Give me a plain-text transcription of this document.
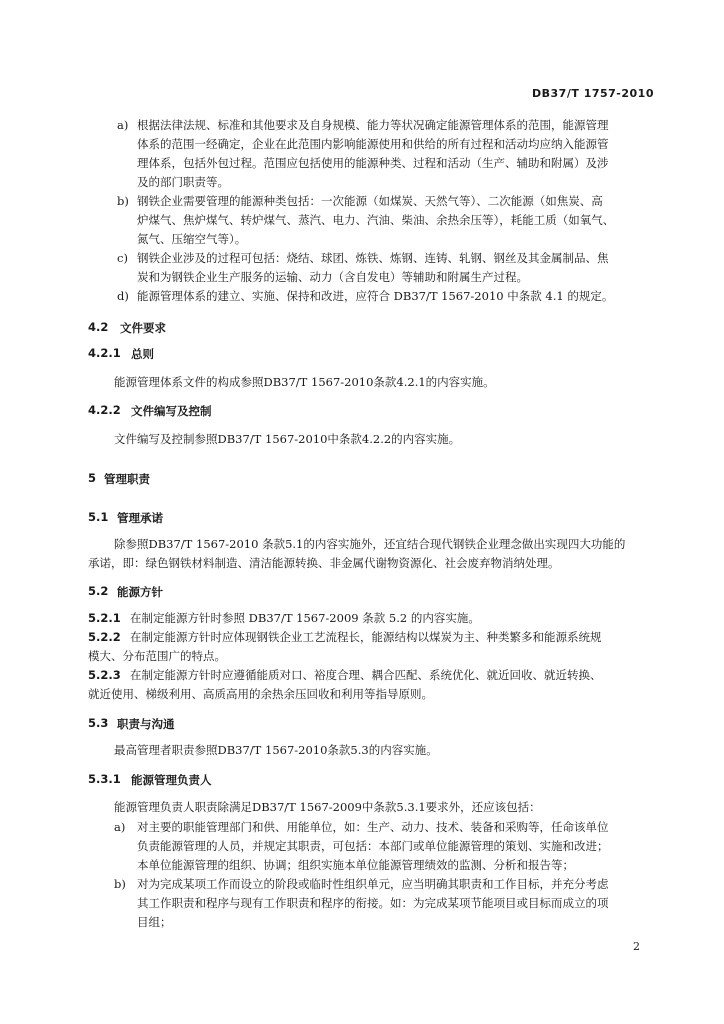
DB37/T 1757-2010
a) 根据法律法规、标准和其他要求及自身规模、能力等状况确定能源管理体系的范围，能源管理
体系的范围一经确定，企业在此范围内影响能源使用和供给的所有过程和活动均应纳入能源管
理体系，包括外包过程。范围应包括使用的能源种类、过程和活动（生产、辅助和附属）及涉
及的部门职责等。
b) 钢铁企业需要管理的能源种类包括：一次能源（如煤炭、天然气等）、二次能源（如焦炭、高
炉煤气、焦炉煤气、转炉煤气、蒸汽、电力、汽油、柴油、余热余压等），耗能工质（如氧气、
氮气、压缩空气等）。
c) 钢铁企业涉及的过程可包括：烧结、球团、炼铁、炼钢、连铸、轧钢、钢丝及其金属制品、焦
炭和为钢铁企业生产服务的运输、动力（含自发电）等辅助和附属生产过程。
d) 能源管理体系的建立、实施、保持和改进，应符合 DB37/T 1567-2010 中条款 4.1 的规定。
4.2 文件要求
4.2.1 总则
能源管理体系文件的构成参照DB37/T 1567-2010条款4.2.1的内容实施。
4.2.2 文件编写及控制
文件编写及控制参照DB37/T 1567-2010中条款4.2.2的内容实施。
5 管理职责
5.1 管理承诺
除参照DB37/T 1567-2010 条款5.1的内容实施外，还宜结合现代钢铁企业理念做出实现四大功能的
承诺，即：绿色钢铁材料制造、清洁能源转换、非金属代谢物资源化、社会废弃物消纳处理。
5.2 能源方针
5.2.1 在制定能源方针时参照 DB37/T 1567-2009 条款 5.2 的内容实施。
5.2.2 在制定能源方针时应体现钢铁企业工艺流程长，能源结构以煤炭为主、种类繁多和能源系统规
模大、分布范围广的特点。
5.2.3 在制定能源方针时应遵循能质对口、裕度合理、耦合匹配、系统优化、就近回收、就近转换、
就近使用、梯级利用、高质高用的余热余压回收和利用等指导原则。
5.3 职责与沟通
最高管理者职责参照DB37/T 1567-2010条款5.3的内容实施。
5.3.1 能源管理负责人
能源管理负责人职责除满足DB37/T 1567-2009中条款5.3.1要求外，还应该包括：
a) 对主要的职能管理部门和供、用能单位，如：生产、动力、技术、装备和采购等，任命该单位
负责能源管理的人员，并规定其职责，可包括：本部门或单位能源管理的策划、实施和改进；
本单位能源管理的组织、协调；组织实施本单位能源管理绩效的监测、分析和报告等；
b) 对为完成某项工作而设立的阶段或临时性组织单元，应当明确其职责和工作目标，并充分考虑
其工作职责和程序与现有工作职责和程序的衔接。如：为完成某项节能项目或目标而成立的项
目组；
2
